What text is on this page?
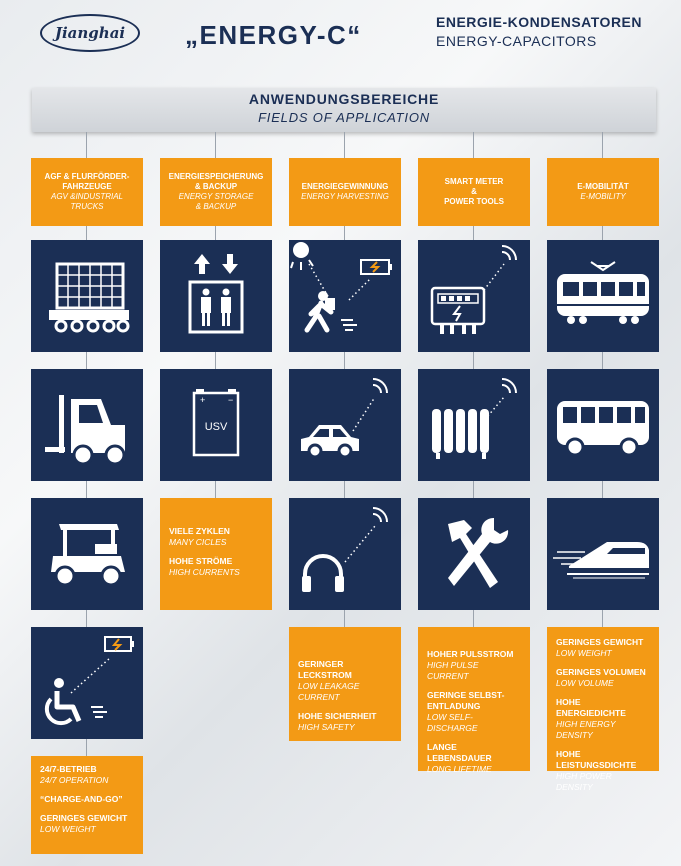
Jianghai „ENERGY-C“	ENERGIE-KONDENSATOREN
ENERGY-CAPACITORS
ANWENDUNGSBEREICHE
FIELDS OF APPLICATION
AGF & FLURFÖRDER-
FAHRZEUGE
AGV &INDUSTRIAL
TRUCKS
ENERGIESPEICHERUNG
& BACKUP
ENERGY STORAGE
& BACKUP
ENERGIEGEWINNUNG
ENERGY HARVESTING
SMART METER
&
POWER TOOLS
E-MOBILITÄT
E-MOBILITY
24/7-BETRIEB
24/7 OPERATION
“CHARGE-AND-GO”
GERINGES GEWICHT
LOW WEIGHT
+	−
USV
VIELE ZYKLEN
MANY CICLES
HOHE STRÖME
HIGH CURRENTS
GERINGER LECKSTROM
LOW LEAKAGE CURRENT
HOHE SICHERHEIT
HIGH SAFETY
HOHER PULSSTROM
HIGH PULSE CURRENT
GERINGE SELBST-
ENTLADUNG
LOW SELF-DISCHARGE
LANGE LEBENSDAUER
LONG LIFETIME
GERINGES GEWICHT
LOW WEIGHT
GERINGES VOLUMEN
LOW VOLUME
HOHE ENERGIEDICHTE
HIGH ENERGY DENSITY
HOHE LEISTUNGSDICHTE
HIGH POWER DENSITY
